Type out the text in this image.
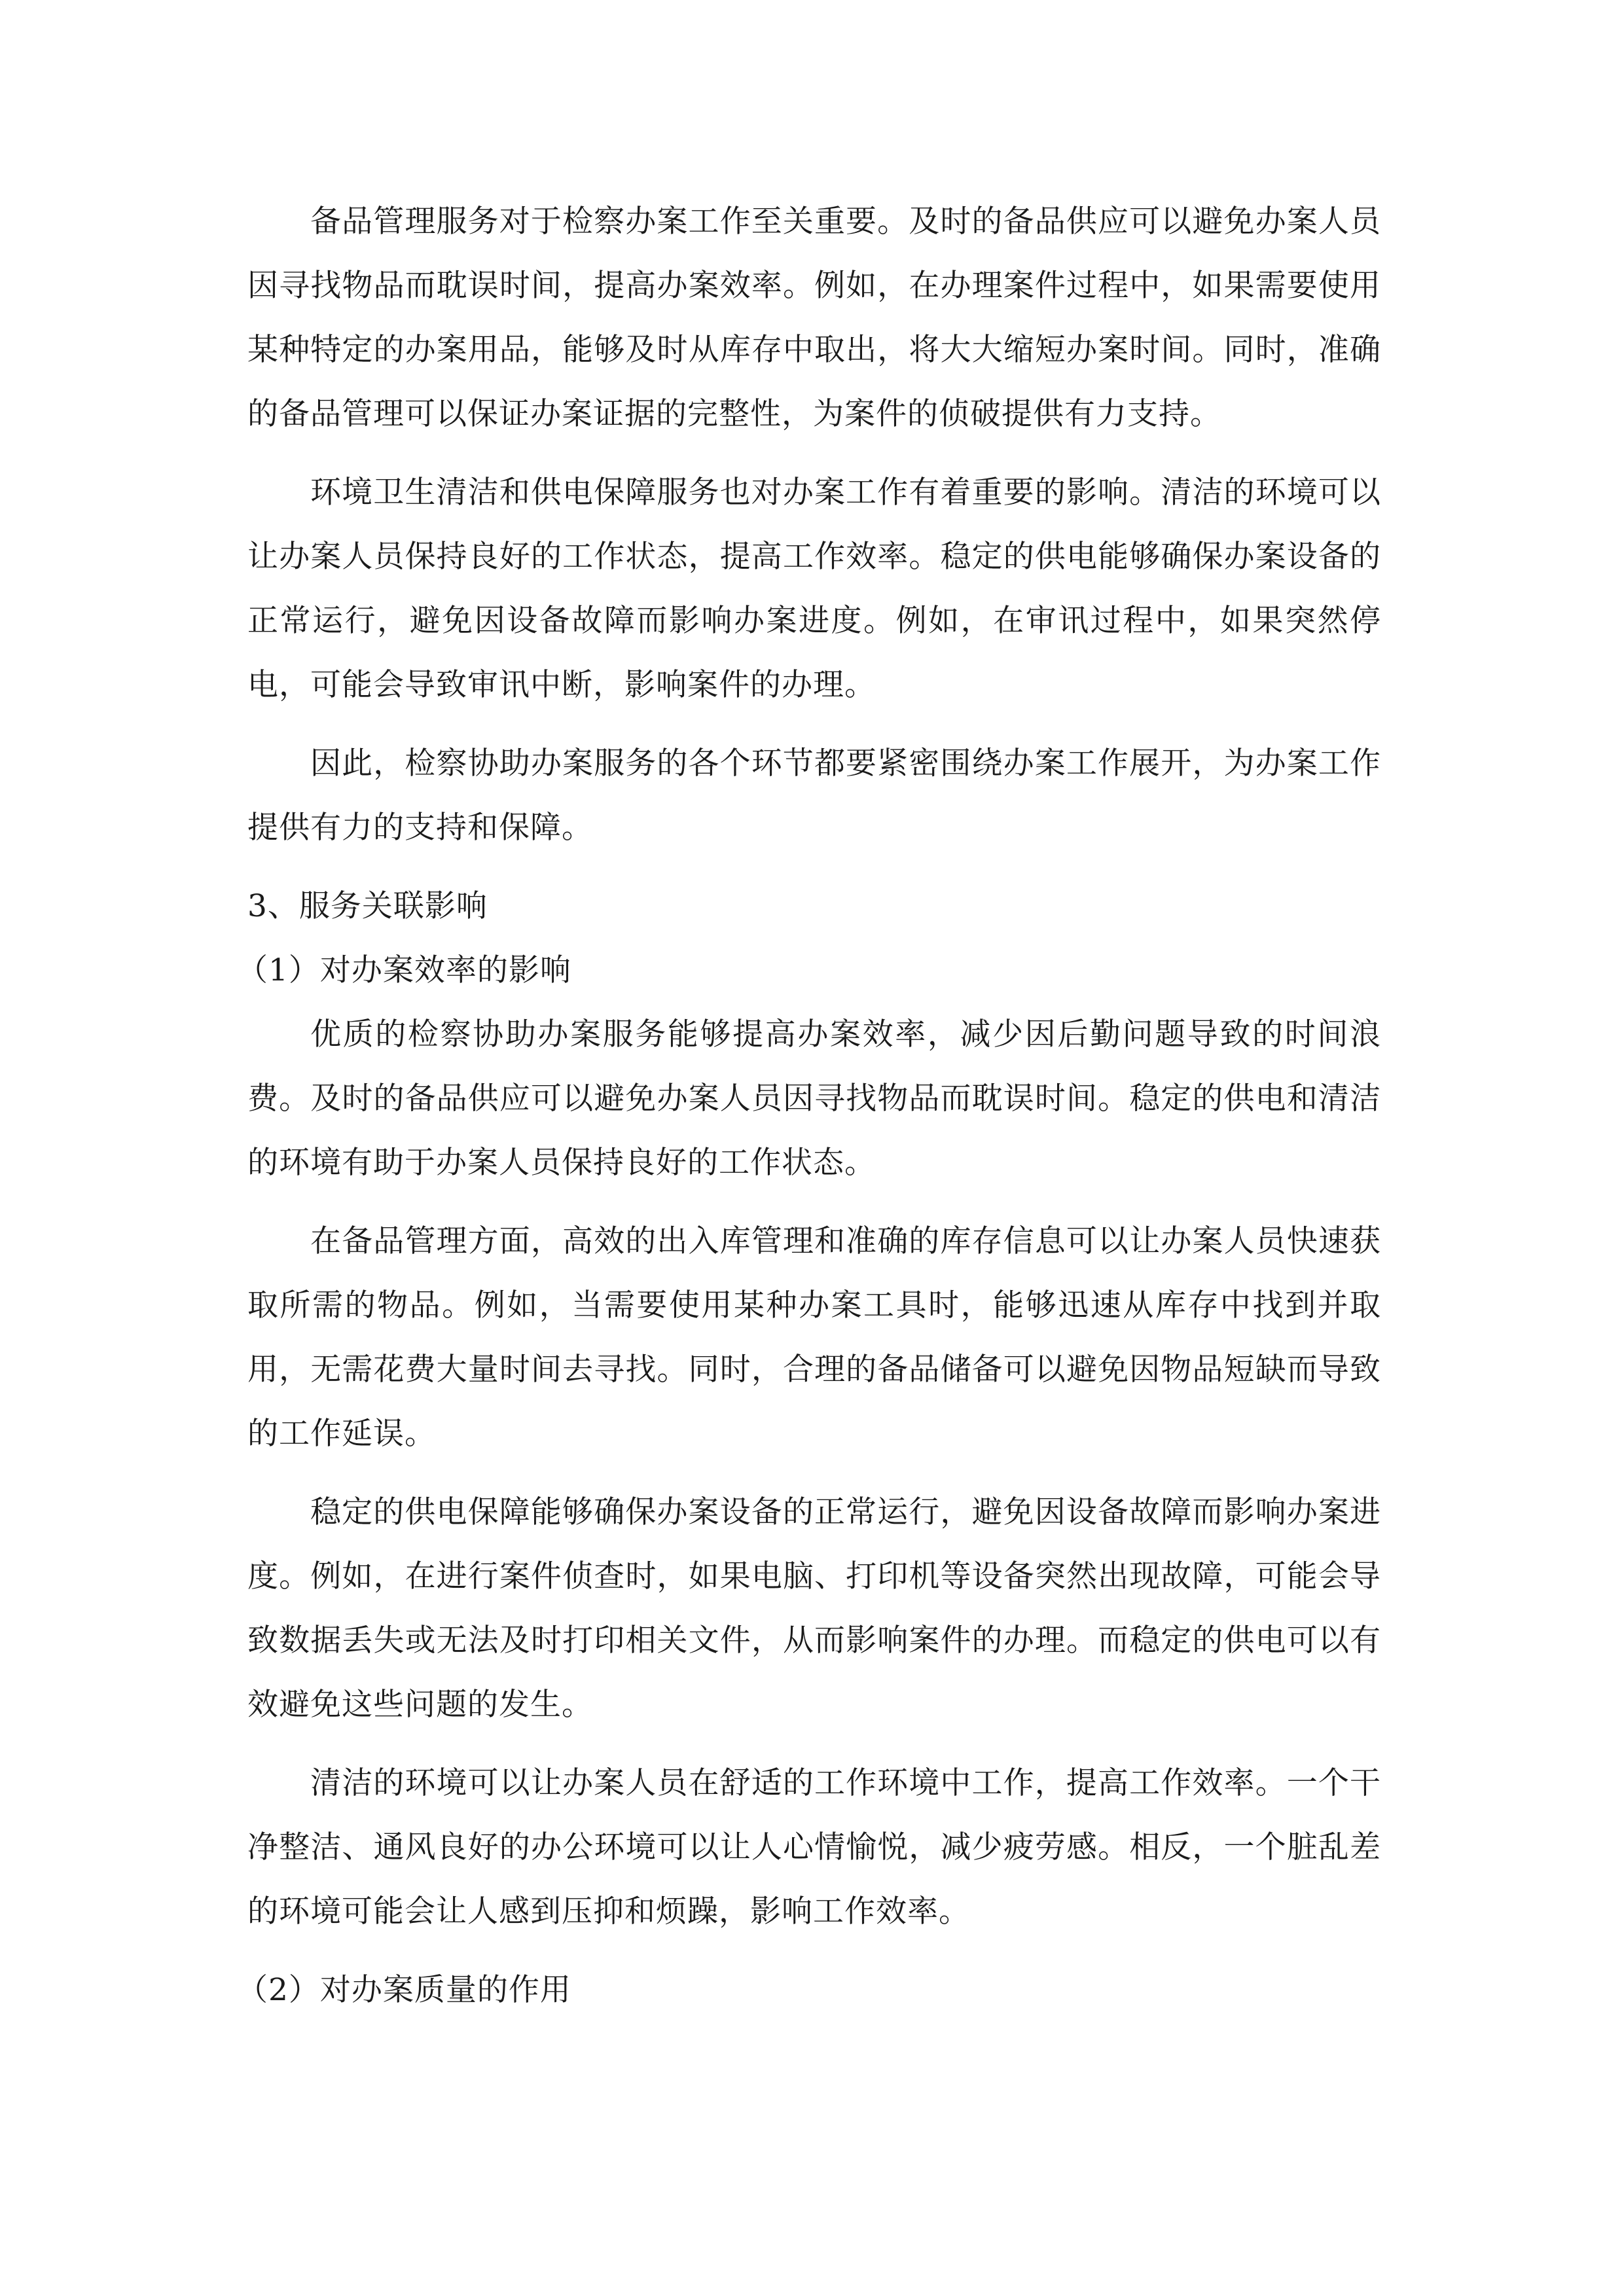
备品管理服务对于检察办案工作至关重要。及时的备品供应可以避免办案人员因寻找物品而耽误时间，提高办案效率。例如，在办理案件过程中，如果需要使用某种特定的办案用品，能够及时从库存中取出，将大大缩短办案时间。同时，准确的备品管理可以保证办案证据的完整性，为案件的侦破提供有力支持。

环境卫生清洁和供电保障服务也对办案工作有着重要的影响。清洁的环境可以让办案人员保持良好的工作状态，提高工作效率。稳定的供电能够确保办案设备的正常运行，避免因设备故障而影响办案进度。例如，在审讯过程中，如果突然停电，可能会导致审讯中断，影响案件的办理。

因此，检察协助办案服务的各个环节都要紧密围绕办案工作展开，为办案工作提供有力的支持和保障。

3、服务关联影响

（1）对办案效率的影响

优质的检察协助办案服务能够提高办案效率，减少因后勤问题导致的时间浪费。及时的备品供应可以避免办案人员因寻找物品而耽误时间。稳定的供电和清洁的环境有助于办案人员保持良好的工作状态。

在备品管理方面，高效的出入库管理和准确的库存信息可以让办案人员快速获取所需的物品。例如，当需要使用某种办案工具时，能够迅速从库存中找到并取用，无需花费大量时间去寻找。同时，合理的备品储备可以避免因物品短缺而导致的工作延误。

稳定的供电保障能够确保办案设备的正常运行，避免因设备故障而影响办案进度。例如，在进行案件侦查时，如果电脑、打印机等设备突然出现故障，可能会导致数据丢失或无法及时打印相关文件，从而影响案件的办理。而稳定的供电可以有效避免这些问题的发生。

清洁的环境可以让办案人员在舒适的工作环境中工作，提高工作效率。一个干净整洁、通风良好的办公环境可以让人心情愉悦，减少疲劳感。相反，一个脏乱差的环境可能会让人感到压抑和烦躁，影响工作效率。

（2）对办案质量的作用
